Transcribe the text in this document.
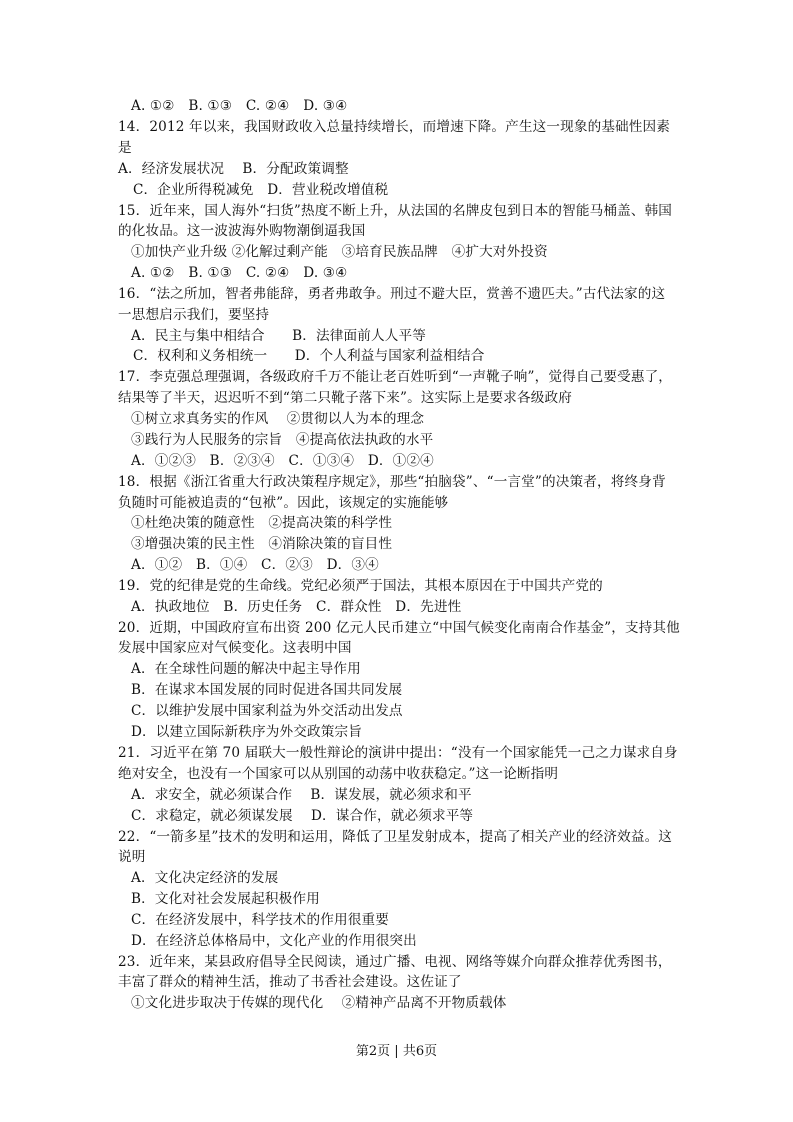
A. ①②　B. ①③　C. ②④　D. ③④
14．2012 年以来，我国财政收入总量持续增长，而增速下降。产生这一现象的基础性因素
是
A．经济发展状况　 B．分配政策调整
C．企业所得税减免　D．营业税改增值税
15．近年来，国人海外“扫货”热度不断上升，从法国的名牌皮包到日本的智能马桶盖、韩国
的化妆品。这一波波海外购物潮倒逼我国
①加快产业升级 ②化解过剩产能　③培育民族品牌　④扩大对外投资
A. ①②　B. ①③　C. ②④　D. ③④
16．“法之所加，智者弗能辞，勇者弗敢争。刑过不避大臣，赏善不遗匹夫。”古代法家的这
一思想启示我们，要坚持
A．民主与集中相结合　　B．法律面前人人平等
C．权利和义务相统一　　D．个人利益与国家利益相结合
17．李克强总理强调，各级政府千万不能让老百姓听到“一声靴子响”，觉得自己要受惠了，
结果等了半天，迟迟听不到“第二只靴子落下来”。这实际上是要求各级政府
①树立求真务实的作风　 ②贯彻以人为本的理念
③践行为人民服务的宗旨　④提高依法执政的水平
A．①②③　B．②③④　C．①③④　D．①②④
18．根据《浙江省重大行政决策程序规定》，那些“拍脑袋”、“一言堂”的决策者，将终身背
负随时可能被追责的“包袱”。因此，该规定的实施能够
①杜绝决策的随意性　②提高决策的科学性
③增强决策的民主性　④消除决策的盲目性
A．①②　B．①④　C．②③　D．③④
19．党的纪律是党的生命线。党纪必须严于国法，其根本原因在于中国共产党的
A．执政地位　B．历史任务　C．群众性　D．先进性
20．近期，中国政府宣布出资 200 亿元人民币建立“中国气候变化南南合作基金”，支持其他
发展中国家应对气候变化。这表明中国
A．在全球性问题的解决中起主导作用
B．在谋求本国发展的同时促进各国共同发展
C．以维护发展中国家利益为外交活动出发点
D．以建立国际新秩序为外交政策宗旨
21．习近平在第 70 届联大一般性辩论的演讲中提出：“没有一个国家能凭一己之力谋求自身
绝对安全，也没有一个国家可以从别国的动荡中收获稳定。”这一论断指明
A．求安全，就必须谋合作　 B．谋发展，就必须求和平
C．求稳定，就必须谋发展　 D．谋合作，就必须求平等
22．“一箭多星”技术的发明和运用，降低了卫星发射成本，提高了相关产业的经济效益。这
说明
A．文化决定经济的发展
B．文化对社会发展起积极作用
C．在经济发展中，科学技术的作用很重要
D．在经济总体格局中，文化产业的作用很突出
23．近年来，某县政府倡导全民阅读，通过广播、电视、网络等媒介向群众推荐优秀图书，
丰富了群众的精神生活，推动了书香社会建设。这佐证了
①文化进步取决于传媒的现代化　 ②精神产品离不开物质载体
第2页 | 共6页
